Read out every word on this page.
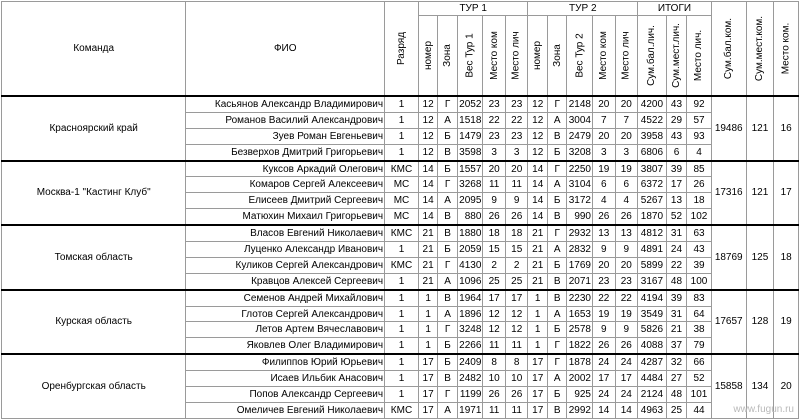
Команда	ФИО	Разряд	ТУР 1					ТУР 2					ИТОГИ			Сум.бал.ком.	Сум.мест.ком.	Место ком.

			номер	Зона	Вес Тур 1	Место ком	Место лич	номер	Зона	Вес Тур 2	Место ком	Место лич	Сум.бал.лич.	Сум.мест.лич.	Место лич.			

Красноярский край	Касьянов Александр Владимирович	1	12	Г	2052	23	23	12	Г	2148	20	20	4200	43	92	19486	121	16
	Романов Василий Александрович	1	12	А	1518	22	22	12	А	3004	7	7	4522	29	57			
	Зуев Роман Евгеньевич	1	12	Б	1479	23	23	12	В	2479	20	20	3958	43	93			
	Безверхов Дмитрий Григорьевич	1	12	В	3598	3	3	12	Б	3208	3	3	6806	6	4			
Москва-1 "Кастинг Клуб"	Куксов Аркадий Олегович	КМС	14	Б	1557	20	20	14	Г	2250	19	19	3807	39	85	17316	121	17
	Комаров Сергей Алексеевич	МС	14	Г	3268	11	11	14	А	3104	6	6	6372	17	26			
	Елисеев Дмитрий Сергеевич	МС	14	А	2095	9	9	14	Б	3172	4	4	5267	13	18			
	Матюхин Михаил Григорьевич	МС	14	В	880	26	26	14	В	990	26	26	1870	52	102			
Томская область	Власов Евгений Николаевич	КМС	21	В	1880	18	18	21	Г	2932	13	13	4812	31	63	18769	125	18
	Луценко Александр Иванович	1	21	Б	2059	15	15	21	А	2832	9	9	4891	24	43			
	Куликов Сергей Александрович	КМС	21	Г	4130	2	2	21	Б	1769	20	20	5899	22	39			
	Кравцов Алексей Сергеевич	1	21	А	1096	25	25	21	В	2071	23	23	3167	48	100			
Курская область	Семенов Андрей Михайлович	1	1	В	1964	17	17	1	В	2230	22	22	4194	39	83	17657	128	19
	Глотов Сергей Александрович	1	1	А	1896	12	12	1	А	1653	19	19	3549	31	64			
	Летов Артем Вячеславович	1	1	Г	3248	12	12	1	Б	2578	9	9	5826	21	38			
	Яковлев Олег Владимирович	1	1	Б	2266	11	11	1	Г	1822	26	26	4088	37	79			
Оренбургская область	Филиппов Юрий Юрьевич	1	17	Б	2409	8	8	17	Г	1878	24	24	4287	32	66	15858	134	20
	Исаев Ильбик Анасович	1	17	В	2482	10	10	17	А	2002	17	17	4484	27	52			
	Попов Александр Сергеевич	1	17	Г	1199	26	26	17	Б	925	24	24	2124	48	101			
	Омеличев Евгений Николаевич	КМС	17	А	1971	11	11	17	В	2992	14	14	4963	25	44				www.fugun.ru
